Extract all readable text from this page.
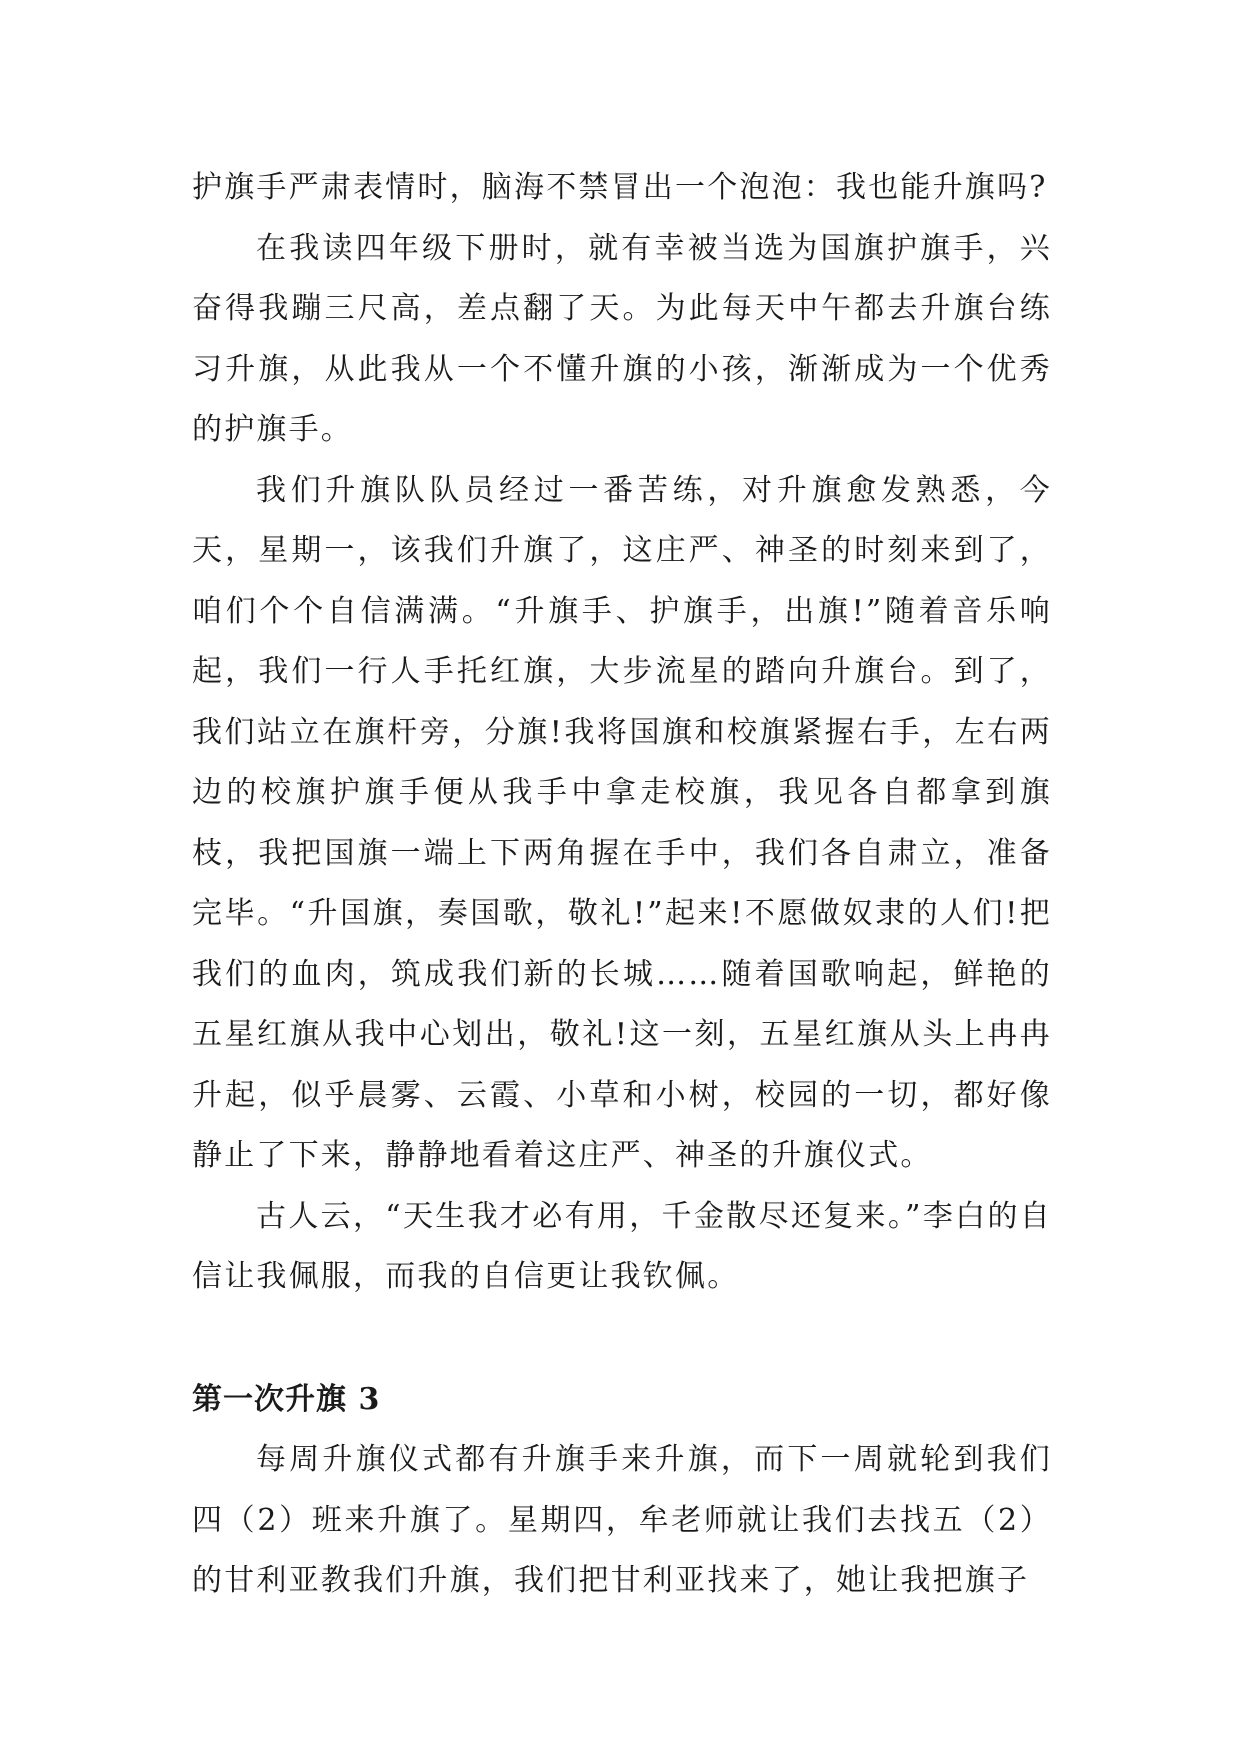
护旗手严肃表情时，脑海不禁冒出一个泡泡：我也能升旗吗?

在我读四年级下册时，就有幸被当选为国旗护旗手，兴奋得我蹦三尺高，差点翻了天。为此每天中午都去升旗台练习升旗，从此我从一个不懂升旗的小孩，渐渐成为一个优秀的护旗手。

我们升旗队队员经过一番苦练，对升旗愈发熟悉，今天，星期一，该我们升旗了，这庄严、神圣的时刻来到了，咱们个个自信满满。“升旗手、护旗手，出旗!”随着音乐响起，我们一行人手托红旗，大步流星的踏向升旗台。到了，我们站立在旗杆旁，分旗!我将国旗和校旗紧握右手，左右两边的校旗护旗手便从我手中拿走校旗，我见各自都拿到旗枝，我把国旗一端上下两角握在手中，我们各自肃立，准备完毕。“升国旗，奏国歌，敬礼!”起来!不愿做奴隶的人们!把我们的血肉，筑成我们新的长城……随着国歌响起，鲜艳的五星红旗从我中心划出，敬礼!这一刻，五星红旗从头上冉冉升起，似乎晨雾、云霞、小草和小树，校园的一切，都好像静止了下来，静静地看着这庄严、神圣的升旗仪式。

古人云，“天生我才必有用，千金散尽还复来。”李白的自信让我佩服，而我的自信更让我钦佩。

第一次升旗 3

每周升旗仪式都有升旗手来升旗，而下一周就轮到我们四（2）班来升旗了。星期四，牟老师就让我们去找五（2）的甘利亚教我们升旗，我们把甘利亚找来了，她让我把旗子
